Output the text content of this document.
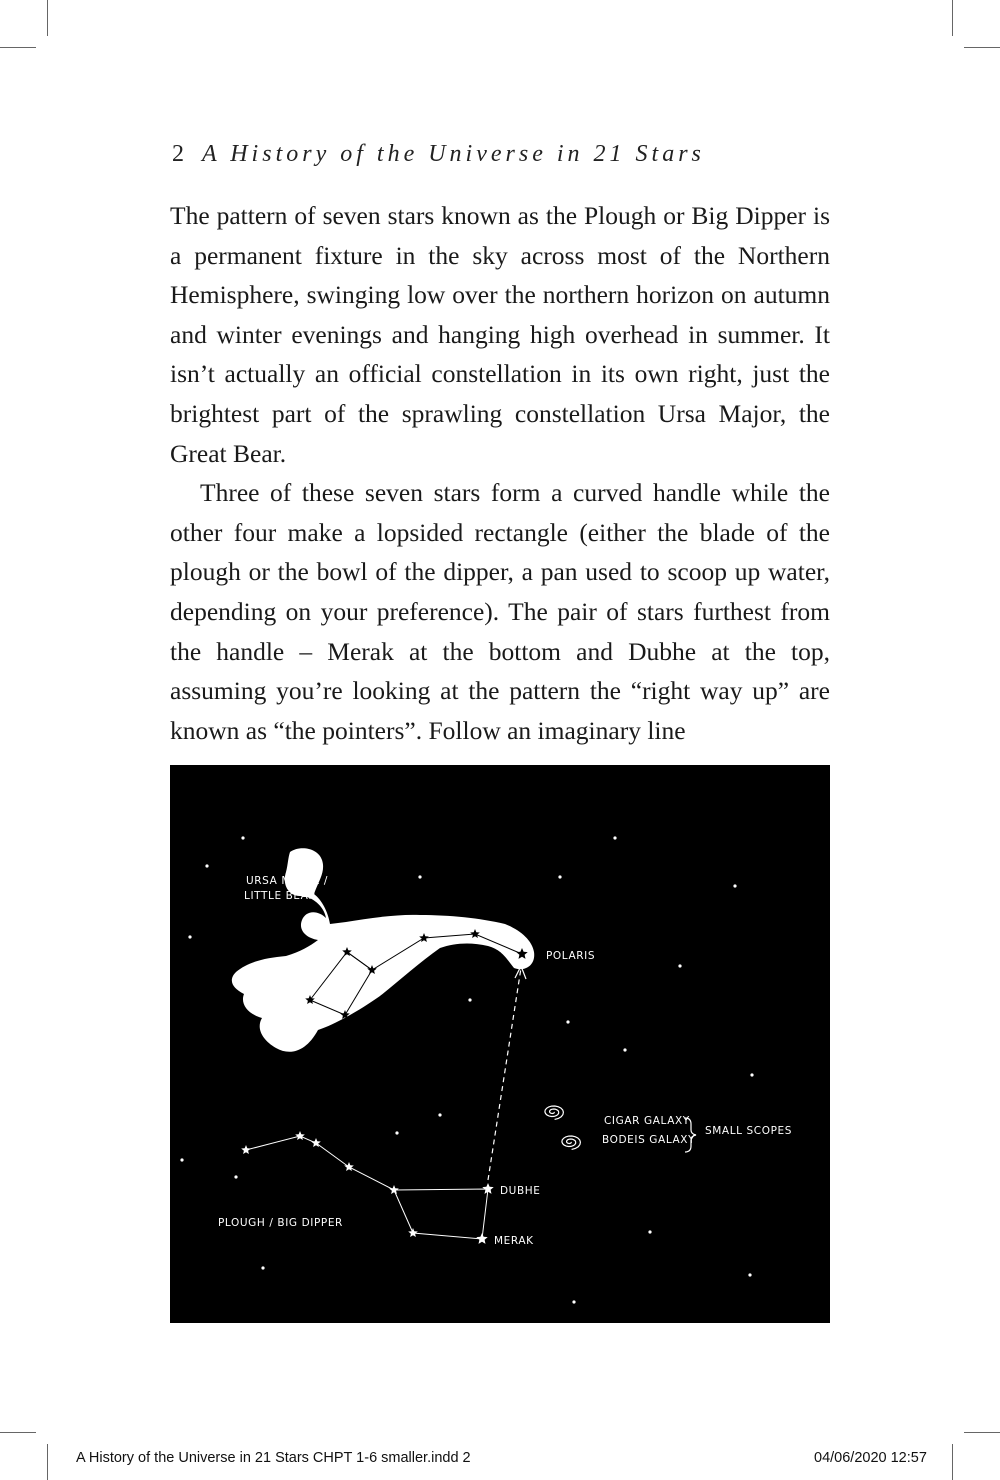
2 A History of the Universe in 21 Stars

The pattern of seven stars known as the Plough or Big Dipper is a permanent fixture in the sky across most of the Northern Hemisphere, swinging low over the northern horizon on autumn and winter evenings and hanging high overhead in summer. It isn’t actually an official constellation in its own right, just the brightest part of the sprawling constellation Ursa Major, the Great Bear.

Three of these seven stars form a curved handle while the other four make a lopsided rectangle (either the blade of the plough or the bowl of the dipper, a pan used to scoop up water, depending on your preference). The pair of stars furthest from the handle – Merak at the bottom and Dubhe at the top, assuming you’re looking at the pattern the “right way up” are known as “the pointers”. Follow an imaginary line

URSA MINOR /
LITTLE BEAR
POLARIS
CIGAR GALAXY
BODEIS GALAXY
SMALL SCOPES
DUBHE
MERAK
PLOUGH / BIG DIPPER
A History of the Universe in 21 Stars CHPT 1-6 smaller.indd 2	04/06/2020 12:57
